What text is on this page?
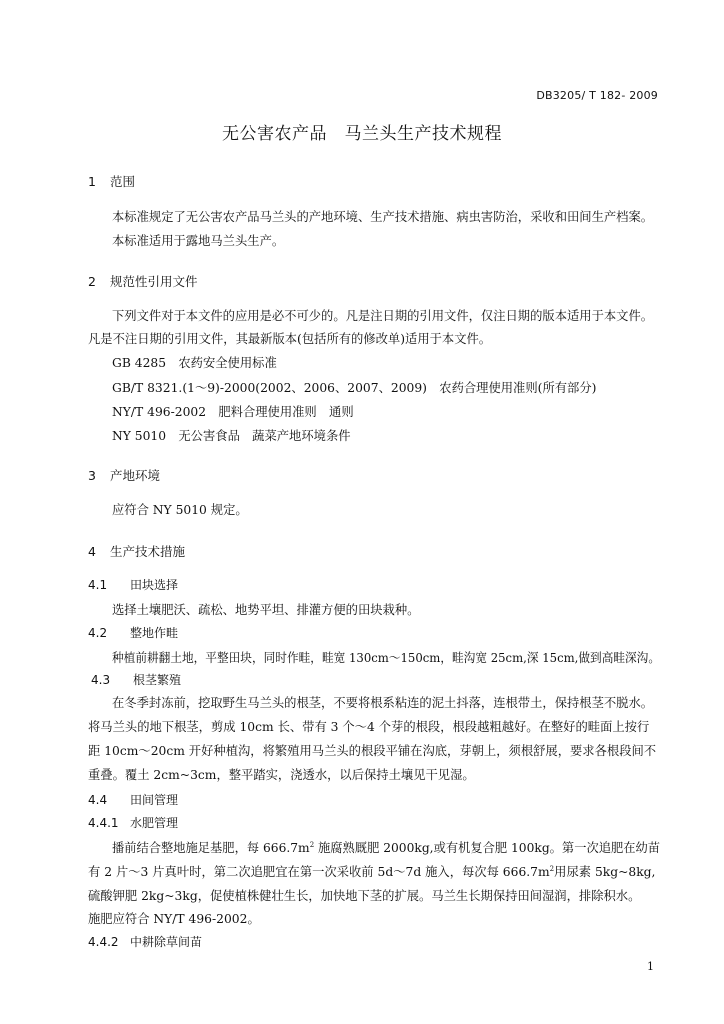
DB3205/ T 182- 2009
无公害农产品　马兰头生产技术规程
1 范围
本标准规定了无公害农产品马兰头的产地环境、生产技术措施、病虫害防治，采收和田间生产档案。
本标准适用于露地马兰头生产。
2 规范性引用文件
下列文件对于本文件的应用是必不可少的。凡是注日期的引用文件，仅注日期的版本适用于本文件。
凡是不注日期的引用文件，其最新版本(包括所有的修改单)适用于本文件。
GB 4285　农药安全使用标准
GB/T 8321.(1～9)-2000(2002、2006、2007、2009)　农药合理使用准则(所有部分)
NY/T 496-2002　肥料合理使用准则　通则
NY 5010　无公害食品　蔬菜产地环境条件
3 产地环境
应符合 NY 5010 规定。
4 生产技术措施
4.1 田块选择
选择土壤肥沃、疏松、地势平坦、排灌方便的田块栽种。
4.2 整地作畦
种植前耕翻土地，平整田块，同时作畦，畦宽 130cm～150cm，畦沟宽 25cm,深 15cm,做到高畦深沟。
4.3 根茎繁殖
在冬季封冻前，挖取野生马兰头的根茎，不要将根系粘连的泥土抖落，连根带土，保持根茎不脱水。
将马兰头的地下根茎，剪成 10cm 长、带有 3 个～4 个芽的根段，根段越粗越好。在整好的畦面上按行
距 10cm～20cm 开好种植沟，将繁殖用马兰头的根段平铺在沟底，芽朝上，须根舒展，要求各根段间不
重叠。覆土 2cm~3cm，整平踏实，浇透水，以后保持土壤见干见湿。
4.4 田间管理
4.4.1 水肥管理
播前结合整地施足基肥，每 $666.7m^2$ 施腐熟厩肥 2000kg,或有机复合肥 100kg。第一次追肥在幼苗
有 2 片～3 片真叶时，第二次追肥宜在第一次采收前 5d～7d 施入，每次每 $666.7m^2$用尿素 5kg~8kg,
硫酸钾肥 2kg~3kg，促使植株健壮生长，加快地下茎的扩展。马兰生长期保持田间湿润，排除积水。
施肥应符合 NY/T 496-2002。
4.4.2 中耕除草间苗
1
